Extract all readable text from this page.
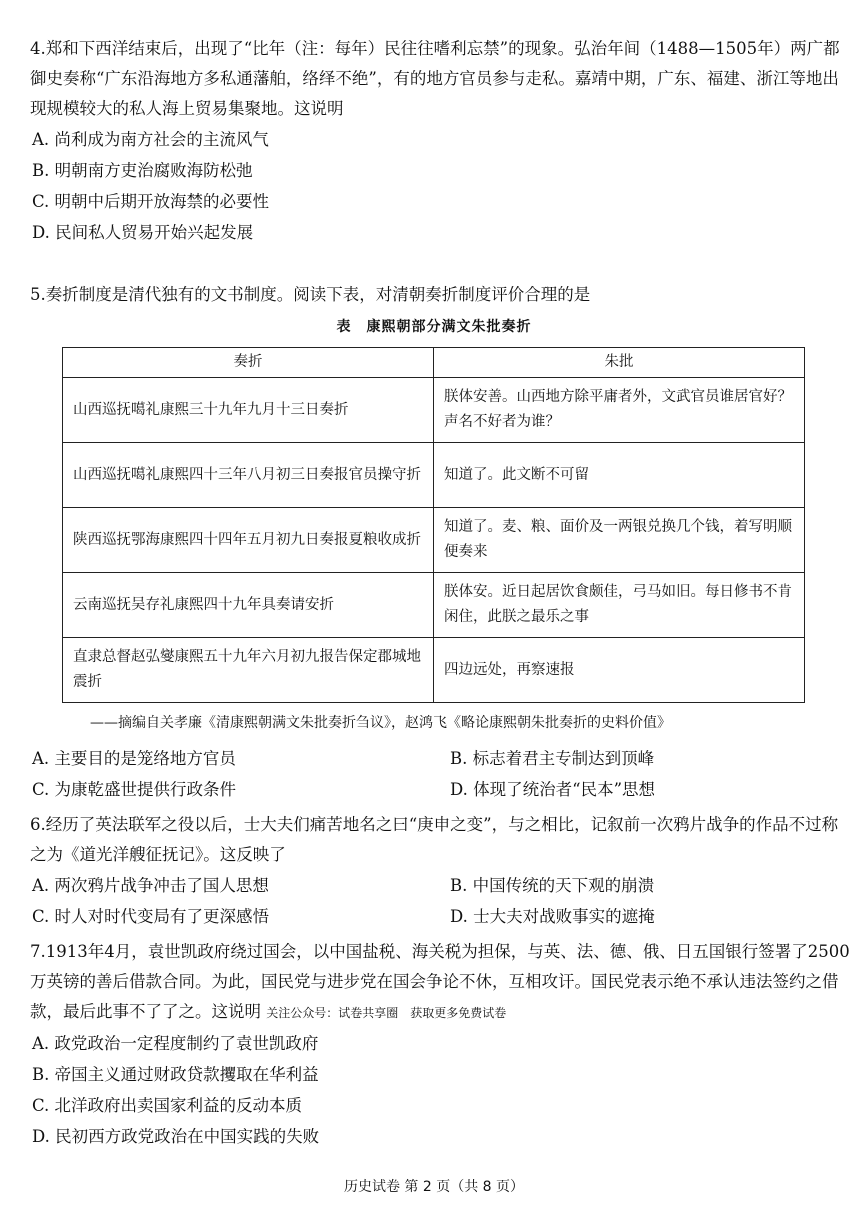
4.郑和下西洋结束后，出现了“比年（注：每年）民往往嗜利忘禁”的现象。弘治年间（1488—1505年）两广都御史奏称“广东沿海地方多私通藩舶，络绎不绝”，有的地方官员参与走私。嘉靖中期，广东、福建、浙江等地出现规模较大的私人海上贸易集聚地。这说明

A. 尚利成为南方社会的主流风气

B. 明朝南方吏治腐败海防松弛

C. 明朝中后期开放海禁的必要性

D. 民间私人贸易开始兴起发展

5.奏折制度是清代独有的文书制度。阅读下表，对清朝奏折制度评价合理的是

表　康熙朝部分满文朱批奏折
奏折	朱批
山西巡抚噶礼康熙三十九年九月十三日奏折	朕体安善。山西地方除平庸者外，文武官员谁居官好？声名不好者为谁？
山西巡抚噶礼康熙四十三年八月初三日奏报官员操守折	知道了。此文断不可留
陕西巡抚鄂海康熙四十四年五月初九日奏报夏粮收成折	知道了。麦、粮、面价及一两银兑换几个钱，着写明顺便奏来
云南巡抚吴存礼康熙四十九年具奏请安折	朕体安。近日起居饮食颇佳，弓马如旧。每日修书不肯闲住，此朕之最乐之事
直隶总督赵弘燮康熙五十九年六月初九报告保定郡城地震折	四边远处，再察速报
——摘编自关孝廉《清康熙朝满文朱批奏折刍议》，赵鸿飞《略论康熙朝朱批奏折的史料价值》

A. 主要目的是笼络地方官员	B. 标志着君主专制达到顶峰

C. 为康乾盛世提供行政条件	D. 体现了统治者“民本”思想

6.经历了英法联军之役以后，士大夫们痛苦地名之曰“庚申之变”，与之相比，记叙前一次鸦片战争的作品不过称之为《道光洋艘征抚记》。这反映了

A. 两次鸦片战争冲击了国人思想	B. 中国传统的天下观的崩溃

C. 时人对时代变局有了更深感悟	D. 士大夫对战败事实的遮掩

7.1913年4月，袁世凯政府绕过国会，以中国盐税、海关税为担保，与英、法、德、俄、日五国银行签署了2500万英镑的善后借款合同。为此，国民党与进步党在国会争论不休，互相攻讦。国民党表示绝不承认违法签约之借款，最后此事不了了之。这说明 关注公众号：试卷共享圈　获取更多免费试卷

A. 政党政治一定程度制约了袁世凯政府

B. 帝国主义通过财政贷款攫取在华利益

C. 北洋政府出卖国家利益的反动本质

D. 民初西方政党政治在中国实践的失败

历史试卷 第 2 页（共 8 页）
